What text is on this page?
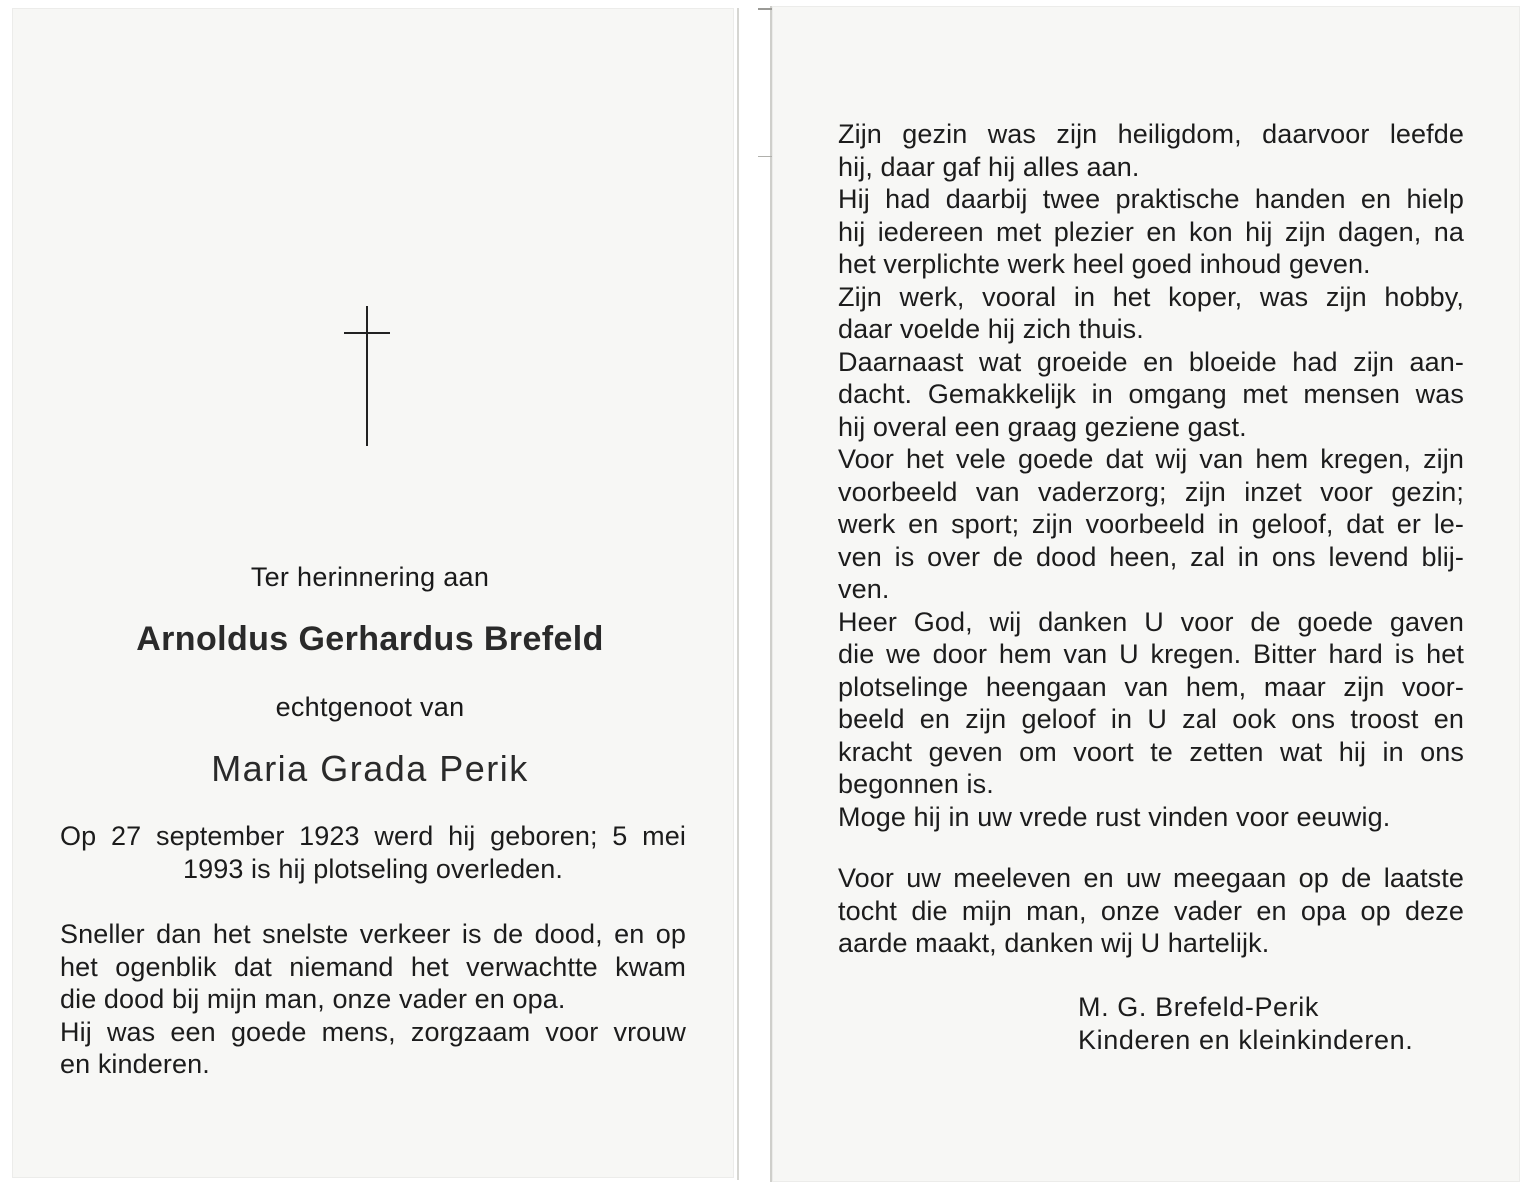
Ter herinnering aan
Arnoldus Gerhardus Brefeld
echtgenoot van
Maria Grada Perik
Op 27 september 1923 werd hij geboren; 5 mei
1993 is hij plotseling overleden.
Sneller dan het snelste verkeer is de dood, en op
het ogenblik dat niemand het verwachtte kwam
die dood bij mijn man, onze vader en opa.
Hij was een goede mens, zorgzaam voor vrouw
en kinderen.
Zijn gezin was zijn heiligdom, daarvoor leefde
hij, daar gaf hij alles aan.
Hij had daarbij twee praktische handen en hielp
hij iedereen met plezier en kon hij zijn dagen, na
het verplichte werk heel goed inhoud geven.
Zijn werk, vooral in het koper, was zijn hobby,
daar voelde hij zich thuis.
Daarnaast wat groeide en bloeide had zijn aan-
dacht. Gemakkelijk in omgang met mensen was
hij overal een graag geziene gast.
Voor het vele goede dat wij van hem kregen, zijn
voorbeeld van vaderzorg; zijn inzet voor gezin;
werk en sport; zijn voorbeeld in geloof, dat er le-
ven is over de dood heen, zal in ons levend blij-
ven.
Heer God, wij danken U voor de goede gaven
die we door hem van U kregen. Bitter hard is het
plotselinge heengaan van hem, maar zijn voor-
beeld en zijn geloof in U zal ook ons troost en
kracht geven om voort te zetten wat hij in ons
begonnen is.
Moge hij in uw vrede rust vinden voor eeuwig.
Voor uw meeleven en uw meegaan op de laatste
tocht die mijn man, onze vader en opa op deze
aarde maakt, danken wij U hartelijk.
M. G. Brefeld-Perik
Kinderen en kleinkinderen.
